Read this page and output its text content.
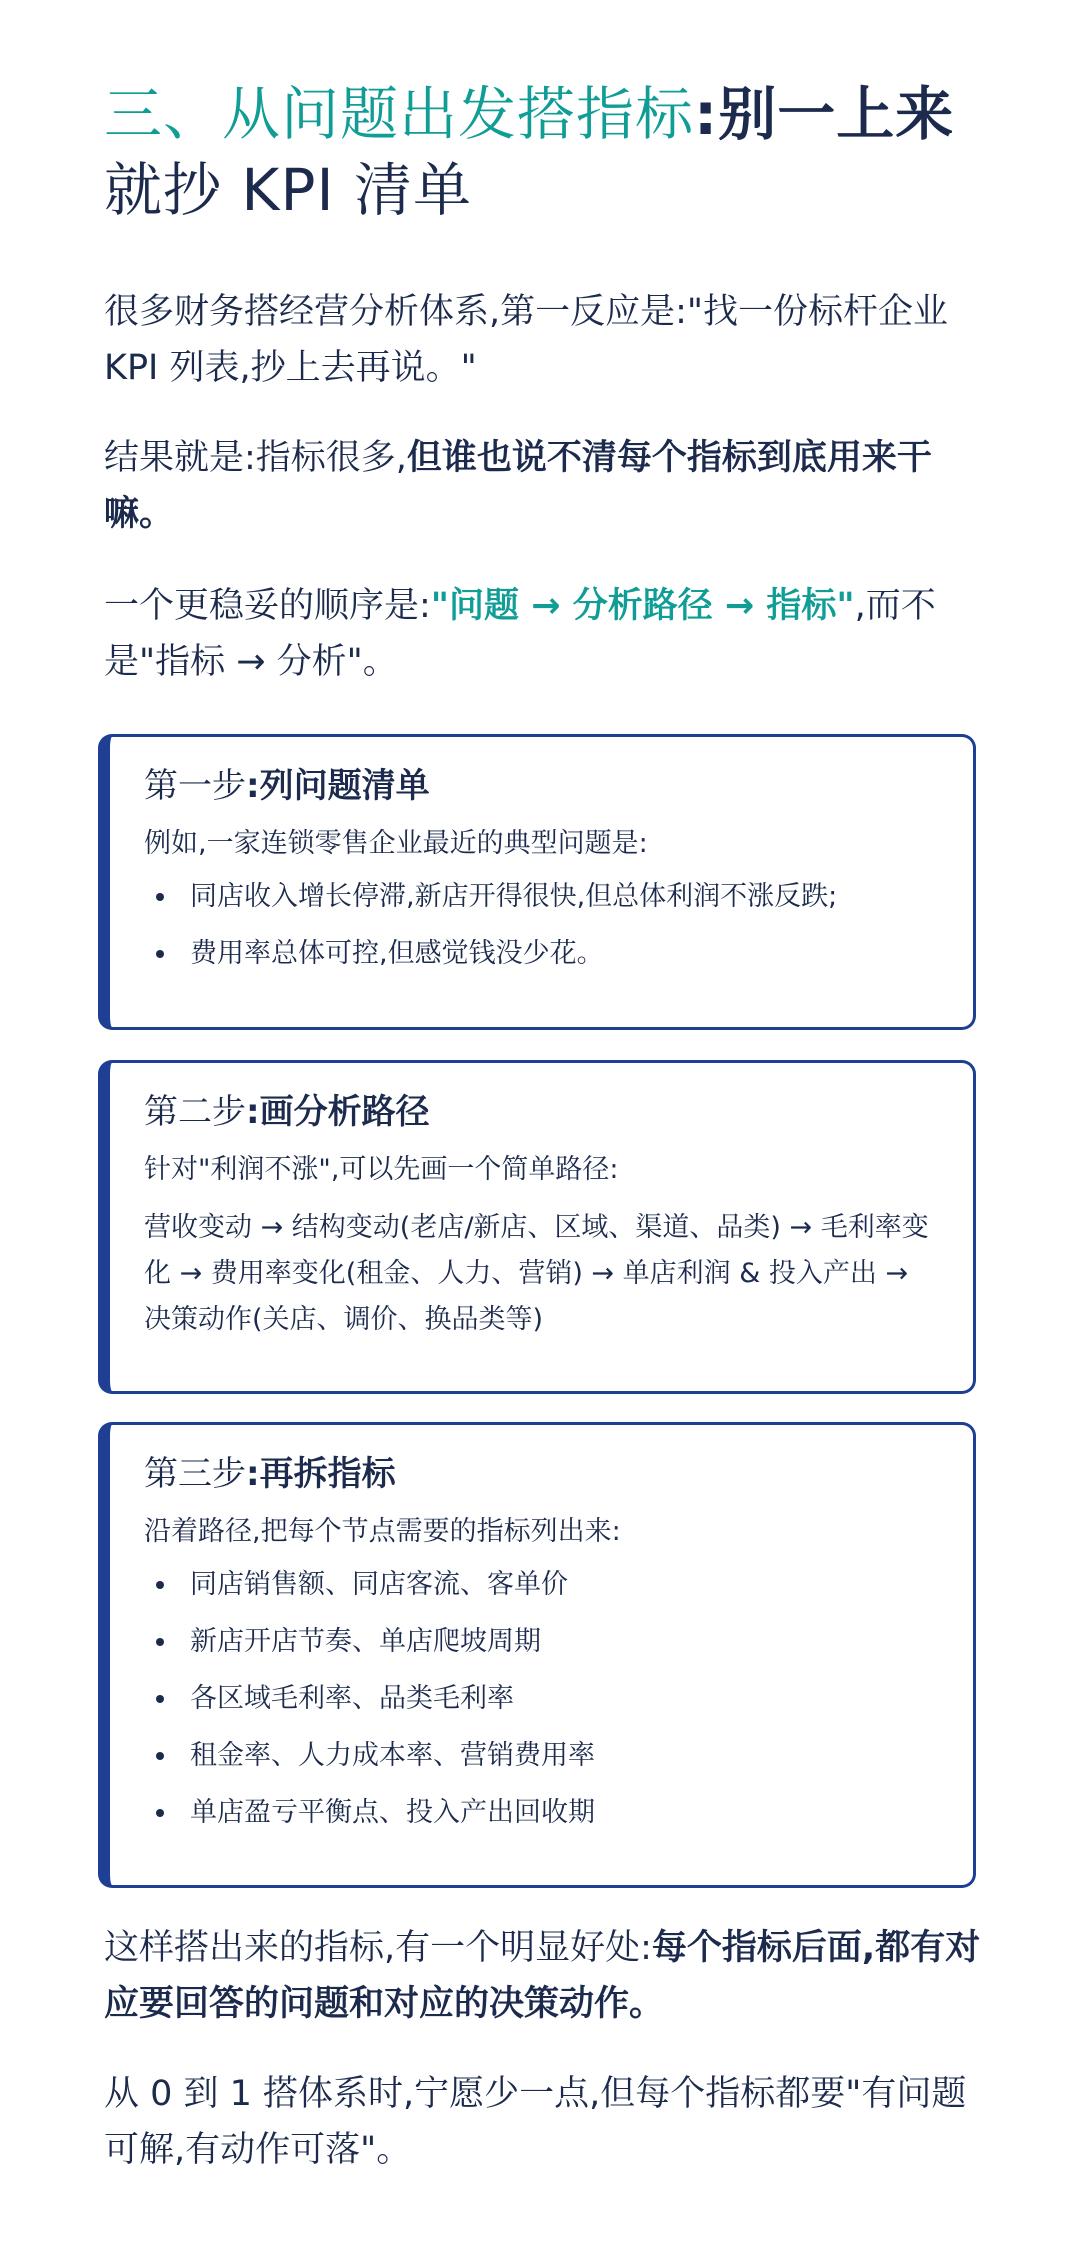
三、从问题出发搭指标:别一上来
就抄 KPI 清单

很多财务搭经营分析体系,第一反应是:"找一份标杆企业 KPI 列表,抄上去再说。"

结果就是:指标很多,但谁也说不清每个指标到底用来干嘛。

一个更稳妥的顺序是:"问题 → 分析路径 → 指标",而不是"指标 → 分析"。

第一步:列问题清单

例如,一家连锁零售企业最近的典型问题是:

同店收入增长停滞,新店开得很快,但总体利润不涨反跌;
费用率总体可控,但感觉钱没少花。
第二步:画分析路径

针对"利润不涨",可以先画一个简单路径:

营收变动 → 结构变动(老店/新店、区域、渠道、品类) → 毛利率变化 → 费用率变化(租金、人力、营销) → 单店利润 & 投入产出 → 决策动作(关店、调价、换品类等)

第三步:再拆指标

沿着路径,把每个节点需要的指标列出来:

同店销售额、同店客流、客单价
新店开店节奏、单店爬坡周期
各区域毛利率、品类毛利率
租金率、人力成本率、营销费用率
单店盈亏平衡点、投入产出回收期

这样搭出来的指标,有一个明显好处:每个指标后面,都有对应要回答的问题和对应的决策动作。

从 0 到 1 搭体系时,宁愿少一点,但每个指标都要"有问题可解,有动作可落"。
